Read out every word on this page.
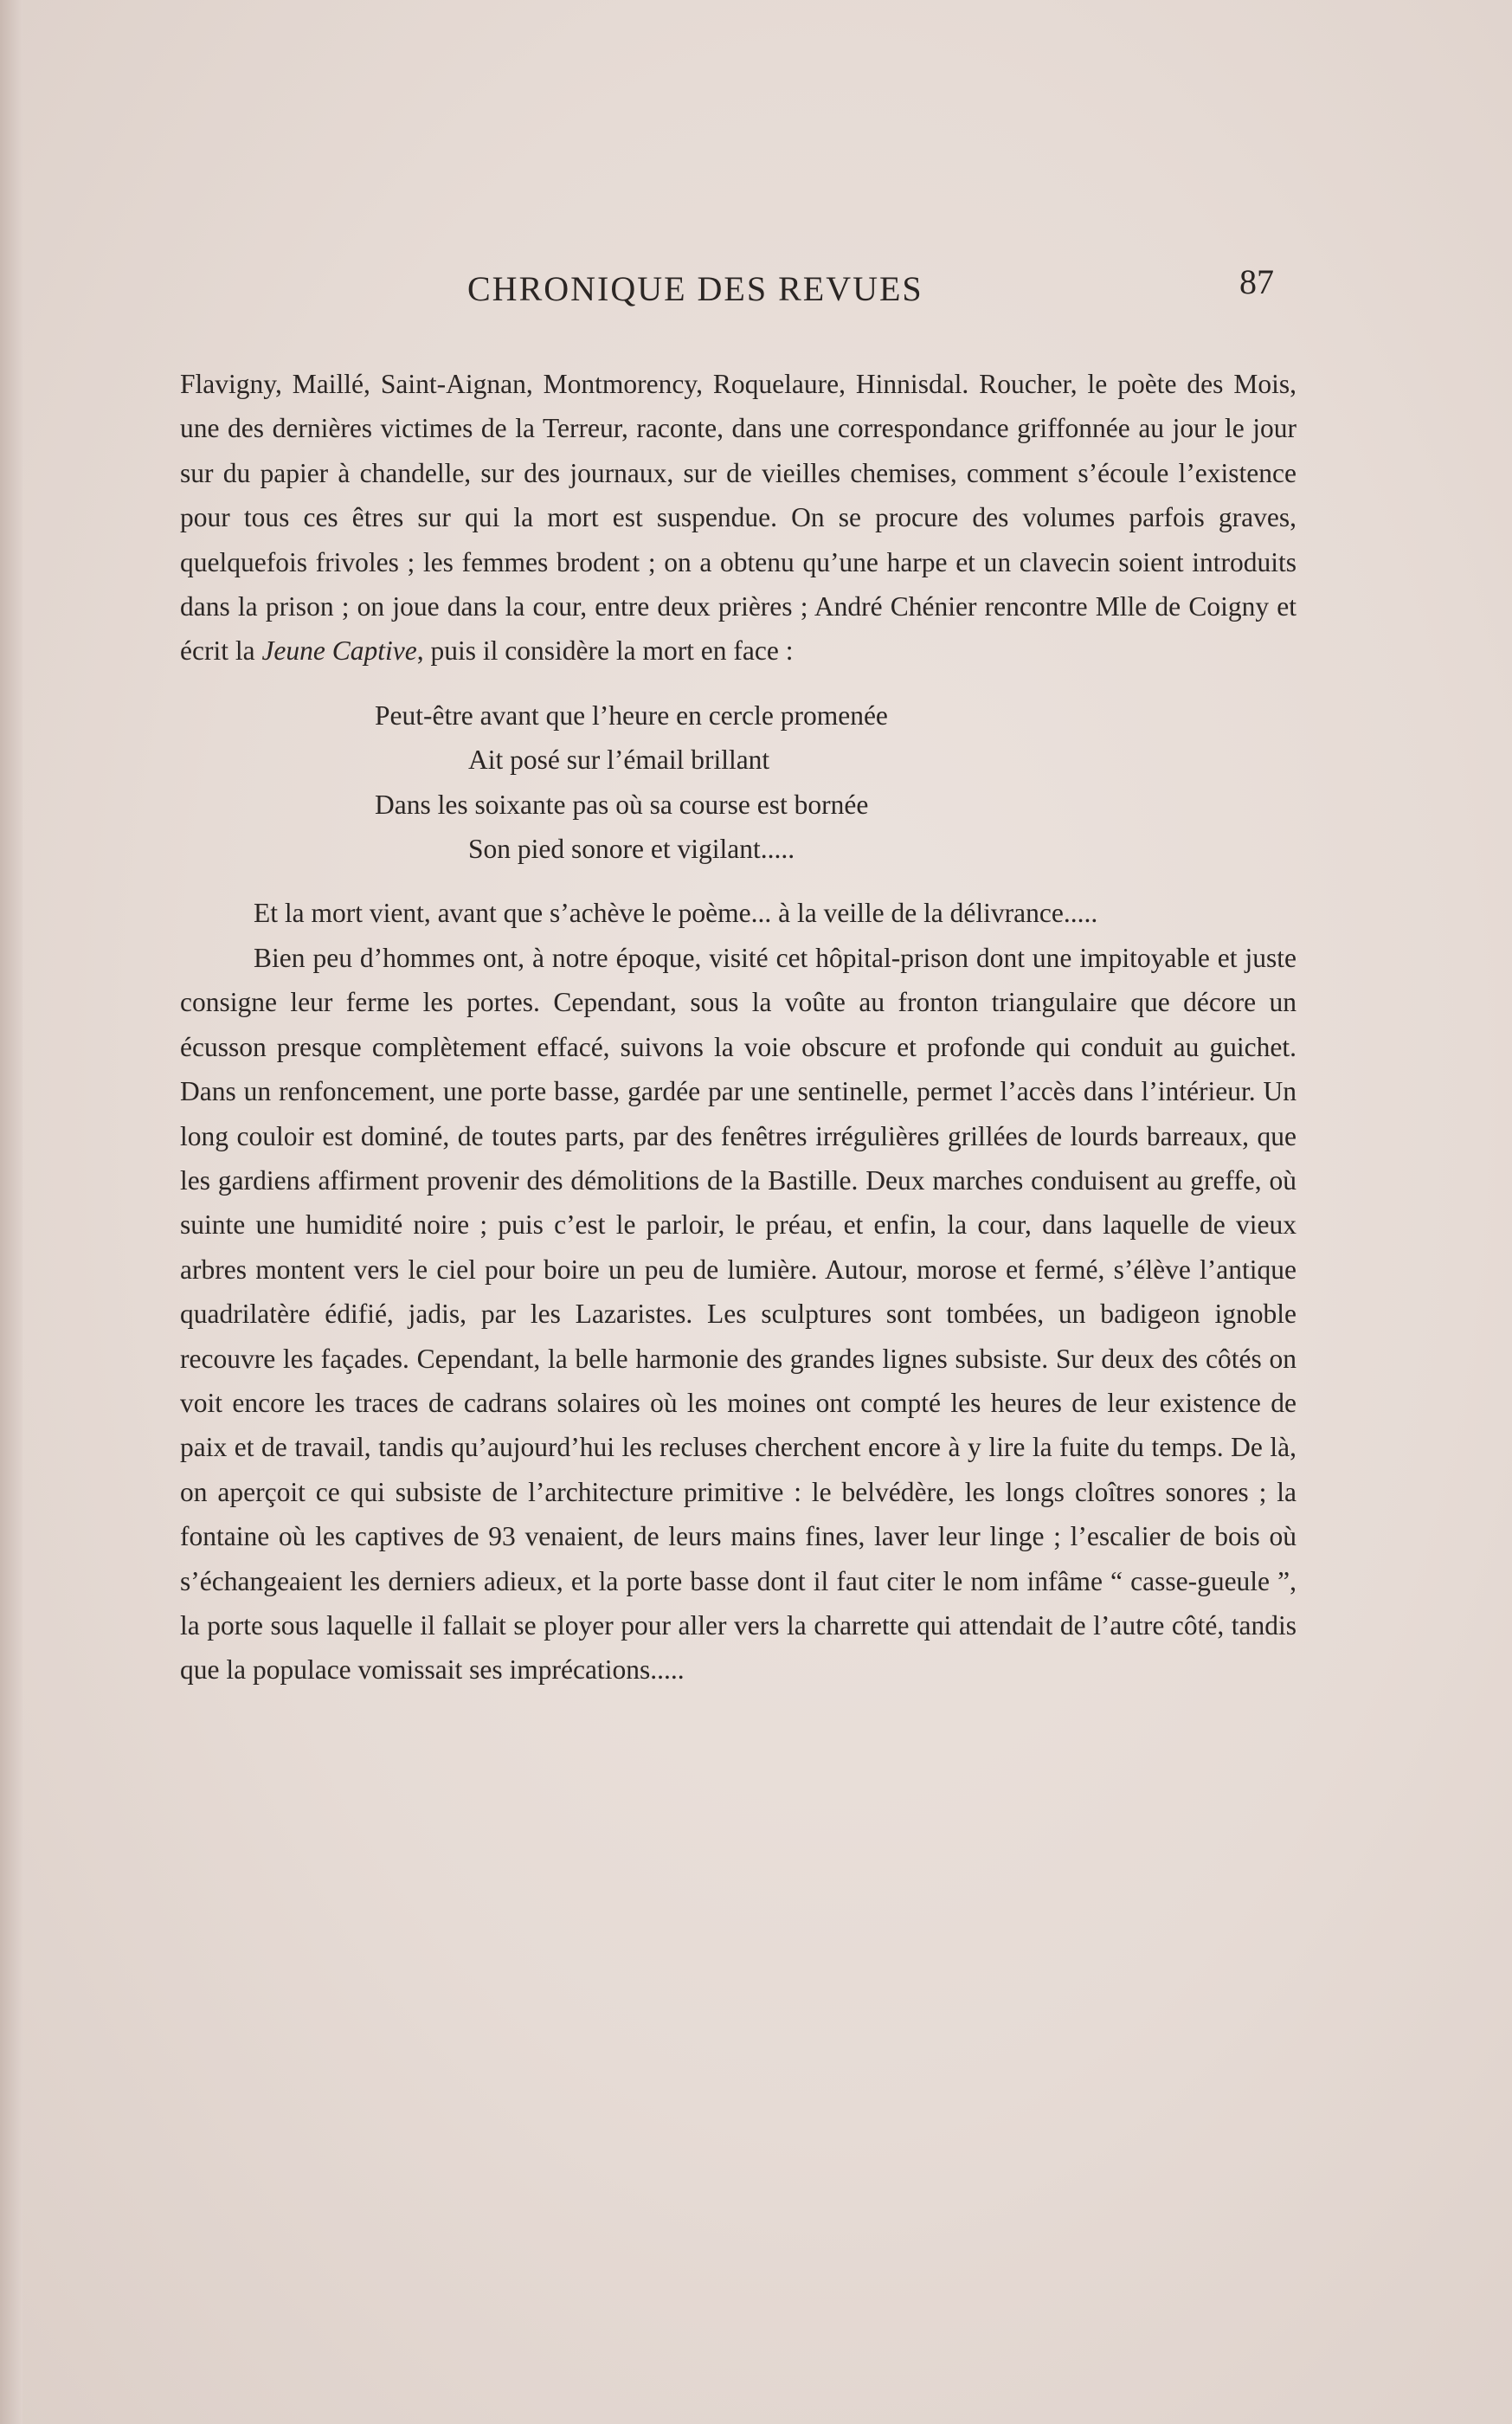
CHRONIQUE DES REVUES	87

Flavigny, Maillé, Saint-Aignan, Montmorency, Roquelaure, Hinnisdal. Roucher, le poète des Mois, une des dernières victimes de la Terreur, raconte, dans une correspondance griffonnée au jour le jour sur du papier à chandelle, sur des journaux, sur de vieilles chemises, comment s’écoule l’existence pour tous ces êtres sur qui la mort est suspendue. On se procure des volumes parfois graves, quelquefois frivoles ; les femmes brodent ; on a obtenu qu’une harpe et un clavecin soient introduits dans la prison ; on joue dans la cour, entre deux prières ; André Chénier rencontre Mlle de Coigny et écrit la Jeune Captive, puis il considère la mort en face :

Peut-être avant que l’heure en cercle promenée
Ait posé sur l’émail brillant
Dans les soixante pas où sa course est bornée
Son pied sonore et vigilant.....

Et la mort vient, avant que s’achève le poème... à la veille de la délivrance.....

Bien peu d’hommes ont, à notre époque, visité cet hôpital-prison dont une impitoyable et juste consigne leur ferme les portes. Cependant, sous la voûte au fronton triangulaire que décore un écusson presque complètement effacé, suivons la voie obscure et profonde qui conduit au guichet. Dans un renfoncement, une porte basse, gardée par une sentinelle, permet l’accès dans l’intérieur. Un long couloir est dominé, de toutes parts, par des fenêtres irrégulières grillées de lourds barreaux, que les gardiens affirment provenir des démolitions de la Bastille. Deux marches conduisent au greffe, où suinte une humidité noire ; puis c’est le parloir, le préau, et enfin, la cour, dans laquelle de vieux arbres montent vers le ciel pour boire un peu de lumière. Autour, morose et fermé, s’élève l’antique quadrilatère édifié, jadis, par les Lazaristes. Les sculptures sont tombées, un badigeon ignoble recouvre les façades. Cependant, la belle harmonie des grandes lignes subsiste. Sur deux des côtés on voit encore les traces de cadrans solaires où les moines ont compté les heures de leur existence de paix et de travail, tandis qu’aujourd’hui les recluses cherchent encore à y lire la fuite du temps. De là, on aperçoit ce qui subsiste de l’architecture primitive : le belvédère, les longs cloîtres sonores ; la fontaine où les captives de 93 venaient, de leurs mains fines, laver leur linge ; l’escalier de bois où s’échangeaient les derniers adieux, et la porte basse dont il faut citer le nom infâme “ casse-gueule ”, la porte sous laquelle il fallait se ployer pour aller vers la charrette qui attendait de l’autre côté, tandis que la populace vomissait ses imprécations.....
